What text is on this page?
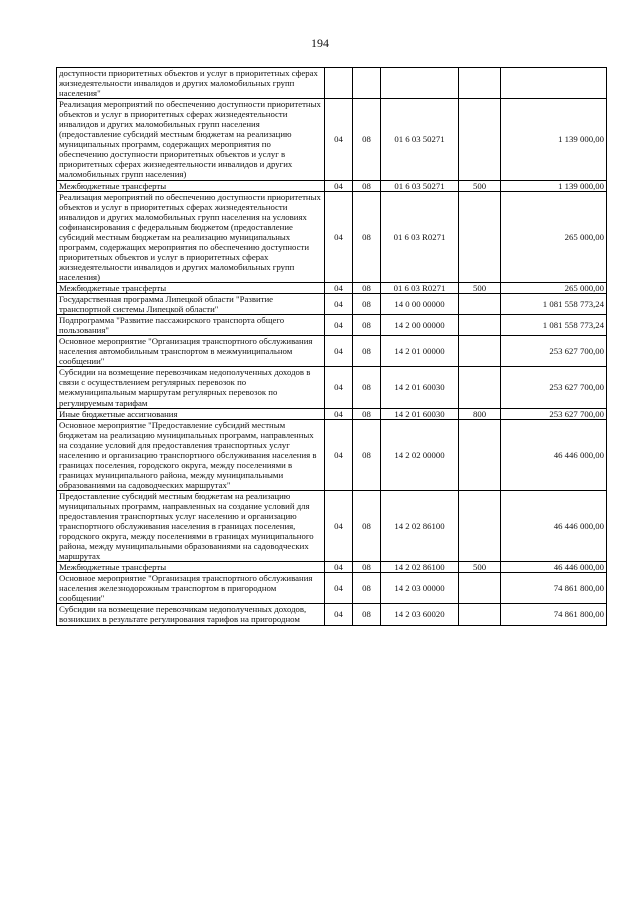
194
доступности приоритетных объектов и услуг в приоритетных сферах жизнедеятельности инвалидов и других маломобильных групп населения"					
Реализация мероприятий по обеспечению доступности приоритетных объектов и услуг в приоритетных сферах жизнедеятельности инвалидов и других маломобильных групп населения (предоставление субсидий местным бюджетам на реализацию муниципальных программ, содержащих мероприятия по обеспечению доступности приоритетных объектов и услуг в приоритетных сферах жизнедеятельности инвалидов и других маломобильных групп населения)	04	08	01 6 03 50271		1 139 000,00
Межбюджетные трансферты	04	08	01 6 03 50271	500	1 139 000,00
Реализация мероприятий по обеспечению доступности приоритетных объектов и услуг в приоритетных сферах жизнедеятельности инвалидов и других маломобильных групп населения на условиях софинансирования с федеральным бюджетом (предоставление субсидий местным бюджетам на реализацию муниципальных программ, содержащих мероприятия по обеспечению доступности приоритетных объектов и услуг в приоритетных сферах жизнедеятельности инвалидов и других маломобильных групп населения)	04	08	01 6 03 R0271		265 000,00
Межбюджетные трансферты	04	08	01 6 03 R0271	500	265 000,00
Государственная программа Липецкой области "Развитие транспортной системы Липецкой области"	04	08	14 0 00 00000		1 081 558 773,24
Подпрограмма "Развитие пассажирского транспорта общего пользования"	04	08	14 2 00 00000		1 081 558 773,24
Основное мероприятие "Организация транспортного обслуживания населения автомобильным транспортом в межмуниципальном сообщении"	04	08	14 2 01 00000		253 627 700,00
Субсидии на возмещение перевозчикам недополученных доходов в связи с осуществлением регулярных перевозок по межмуниципальным маршрутам регулярных перевозок по регулируемым тарифам	04	08	14 2 01 60030		253 627 700,00
Иные бюджетные ассигнования	04	08	14 2 01 60030	800	253 627 700,00
Основное мероприятие "Предоставление субсидий местным бюджетам на реализацию муниципальных программ, направленных на создание условий для предоставления транспортных услуг населению и организацию транспортного обслуживания населения в границах поселения, городского округа, между поселениями в границах муниципального района, между муниципальными образованиями на садоводческих маршрутах"	04	08	14 2 02 00000		46 446 000,00
Предоставление субсидий местным бюджетам на реализацию муниципальных программ, направленных на создание условий для предоставления транспортных услуг населению и организацию транспортного обслуживания населения в границах поселения, городского округа, между поселениями в границах муниципального района, между муниципальными образованиями на садоводческих маршрутах	04	08	14 2 02 86100		46 446 000,00
Межбюджетные трансферты	04	08	14 2 02 86100	500	46 446 000,00
Основное мероприятие "Организация транспортного обслуживания населения железнодорожным транспортом в пригородном сообщении"	04	08	14 2 03 00000		74 861 800,00
Субсидии на возмещение перевозчикам недополученных доходов, возникших в результате регулирования тарифов на пригородном	04	08	14 2 03 60020		74 861 800,00
